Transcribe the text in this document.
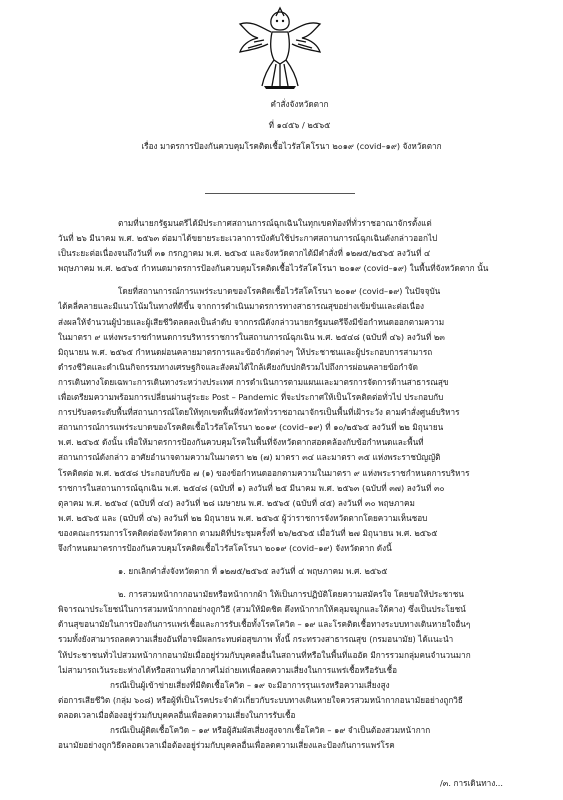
คำสั่งจังหวัดตาก
ที่ ๑๔๕๖ / ๒๕๖๕
เรื่อง มาตรการป้องกันควบคุมโรคติดเชื้อไวรัสโคโรนา ๒๐๑๙ (covid–๑๙) จังหวัดตาก
ตามที่นายกรัฐมนตรีได้มีประกาศสถานการณ์ฉุกเฉินในทุกเขตท้องที่ทั่วราชอาณาจักรตั้งแต่
วันที่ ๒๖ มีนาคม พ.ศ. ๒๕๖๓ ต่อมาได้ขยายระยะเวลาการบังคับใช้ประกาศสถานการณ์ฉุกเฉินดังกล่าวออกไป
เป็นระยะต่อเนื่องจนถึงวันที่ ๓๑ กรกฎาคม พ.ศ. ๒๕๖๕ และจังหวัดตากได้มีคำสั่งที่ ๑๒๗๕/๒๕๖๕ ลงวันที่ ๔
พฤษภาคม พ.ศ. ๒๕๖๕ กำหนดมาตรการป้องกันควบคุมโรคติดเชื้อไวรัสโคโรนา ๒๐๑๙ (covid–๑๙) ในพื้นที่จังหวัดตาก นั้น
โดยที่สถานการณ์การแพร่ระบาดของโรคติดเชื้อไวรัสโคโรนา ๒๐๑๙ (covid–๑๙) ในปัจจุบัน
ได้คลี่คลายและมีแนวโน้มในทางที่ดีขึ้น จากการดำเนินมาตรการทางสาธารณสุขอย่างเข้มข้นและต่อเนื่อง
ส่งผลให้จำนวนผู้ป่วยและผู้เสียชีวิตลดลงเป็นลำดับ จากกรณีดังกล่าวนายกรัฐมนตรีจึงมีข้อกำหนดออกตามความ
ในมาตรา ๙ แห่งพระราชกำหนดการบริหารราชการในสถานการณ์ฉุกเฉิน พ.ศ. ๒๕๔๘ (ฉบับที่ ๔๖) ลงวันที่ ๒๓
มิถุนายน พ.ศ. ๒๕๖๕ กำหนดผ่อนคลายมาตรการและข้อจำกัดต่างๆ ให้ประชาชนและผู้ประกอบการสามารถ
ดำรงชีวิตและดำเนินกิจกรรมทางเศรษฐกิจและสังคมได้ใกล้เคียงกับปกติรวมไปถึงการผ่อนคลายข้อกำจัด
การเดินทางโดยเฉพาะการเดินทางระหว่างประเทศ การดำเนินการตามแผนและมาตรการจัดการด้านสาธารณสุข
เพื่อเตรียมความพร้อมการเปลี่ยนผ่านสู่ระยะ Post – Pandemic ที่จะประกาศให้เป็นโรคติดต่อทั่วไป ประกอบกับ
การปรับลดระดับพื้นที่สถานการณ์โดยให้ทุกเขตพื้นที่จังหวัดทั่วราชอาณาจักรเป็นพื้นที่เฝ้าระวัง ตามคำสั่งศูนย์บริหาร
สถานการณ์การแพร่ระบาดของโรคติดเชื้อไวรัสโคโรนา ๒๐๑๙ (covid–๑๙) ที่ ๑๐/๒๕๖๕ ลงวันที่ ๒๒ มิถุนายน
พ.ศ. ๒๕๖๕ ดังนั้น เพื่อให้มาตรการป้องกันควบคุมโรคในพื้นที่จังหวัดตากสอดคล้องกับข้อกำหนดและพื้นที่
สถานการณ์ดังกล่าว อาศัยอำนาจตามความในมาตรา ๒๒ (๗) มาตรา ๓๔ และมาตรา ๓๕ แห่งพระราชบัญญัติ
โรคติดต่อ พ.ศ. ๒๕๕๘ ประกอบกับข้อ ๗ (๑) ของข้อกำหนดออกตามความในมาตรา ๙ แห่งพระราชกำหนดการบริหาร
ราชการในสถานการณ์ฉุกเฉิน พ.ศ. ๒๕๔๘ (ฉบับที่ ๑) ลงวันที่ ๒๕ มีนาคม พ.ศ. ๒๕๖๓ (ฉบับที่ ๓๗) ลงวันที่ ๓๐
ตุลาคม พ.ศ. ๒๕๖๔ (ฉบับที่ ๔๔) ลงวันที่ ๒๘ เมษายน พ.ศ. ๒๕๖๕ (ฉบับที่ ๔๕) ลงวันที่ ๓๐ พฤษภาคม
พ.ศ. ๒๕๖๕ และ (ฉบับที่ ๔๖) ลงวันที่ ๒๒ มิถุนายน พ.ศ. ๒๕๖๕ ผู้ว่าราชการจังหวัดตากโดยความเห็นชอบ
ของคณะกรรมการโรคติดต่อจังหวัดตาก ตามมติที่ประชุมครั้งที่ ๒๖/๒๕๖๕ เมื่อวันที่ ๒๗ มิถุนายน พ.ศ. ๒๕๖๕
จึงกำหนดมาตรการป้องกันควบคุมโรคติดเชื้อไวรัสโคโรนา ๒๐๑๙ (covid–๑๙) จังหวัดตาก ดังนี้
๑. ยกเลิกคำสั่งจังหวัดตาก ที่ ๑๒๗๕/๒๕๖๕ ลงวันที่ ๔ พฤษภาคม พ.ศ. ๒๕๖๕
๒. การสวมหน้ากากอนามัยหรือหน้ากากผ้า ให้เป็นการปฏิบัติโดยความสมัครใจ โดยขอให้ประชาชน
พิจารณาประโยชน์ในการสวมหน้ากากอย่างถูกวิธี (สวมให้มิดชิด ดึงหน้ากากให้คลุมจมูกและใต้คาง) ซึ่งเป็นประโยชน์
ด้านสุขอนามัยในการป้องกันการแพร่เชื้อและการรับเชื้อทั้งโรคโควิด – ๑๙ และโรคติดเชื้อทางระบบทางเดินหายใจอื่นๆ
รวมทั้งยังสามารถลดความเสี่ยงอันที่อาจมีผลกระทบต่อสุขภาพ ทั้งนี้ กระทรวงสาธารณสุข (กรมอนามัย) ได้แนะนำ
ให้ประชาชนทั่วไปสวมหน้ากากอนามัยเมื่ออยู่ร่วมกับบุคคลอื่นในสถานที่หรือในพื้นที่แออัด มีการรวมกลุ่มคนจำนวนมาก
ไม่สามารถเว้นระยะห่างได้หรือสถานที่อากาศไม่ถ่ายเทเพื่อลดความเสี่ยงในการแพร่เชื้อหรือรับเชื้อ
กรณีเป็นผู้เข้าข่ายเสี่ยงที่มีติดเชื้อโควิด – ๑๙ จะมีอาการรุนแรงหรือความเสี่ยงสูง
ต่อการเสียชีวิต (กลุ่ม ๖๐๘) หรือผู้ที่เป็นโรคประจำตัวเกี่ยวกับระบบทางเดินหายใจควรสวมหน้ากากอนามัยอย่างถูกวิธี
ตลอดเวลาเมื่อต้องอยู่ร่วมกับบุคคลอื่นเพื่อลดความเสี่ยงในการรับเชื้อ
กรณีเป็นผู้ติดเชื้อโควิด – ๑๙ หรือผู้สัมผัสเสี่ยงสูงจากเชื้อโควิด – ๑๙ จำเป็นต้องสวมหน้ากาก
อนามัยอย่างถูกวิธีตลอดเวลาเมื่อต้องอยู่ร่วมกับบุคคลอื่นเพื่อลดความเสี่ยงและป้องกันการแพร่โรค
/๓. การเดินทาง...
